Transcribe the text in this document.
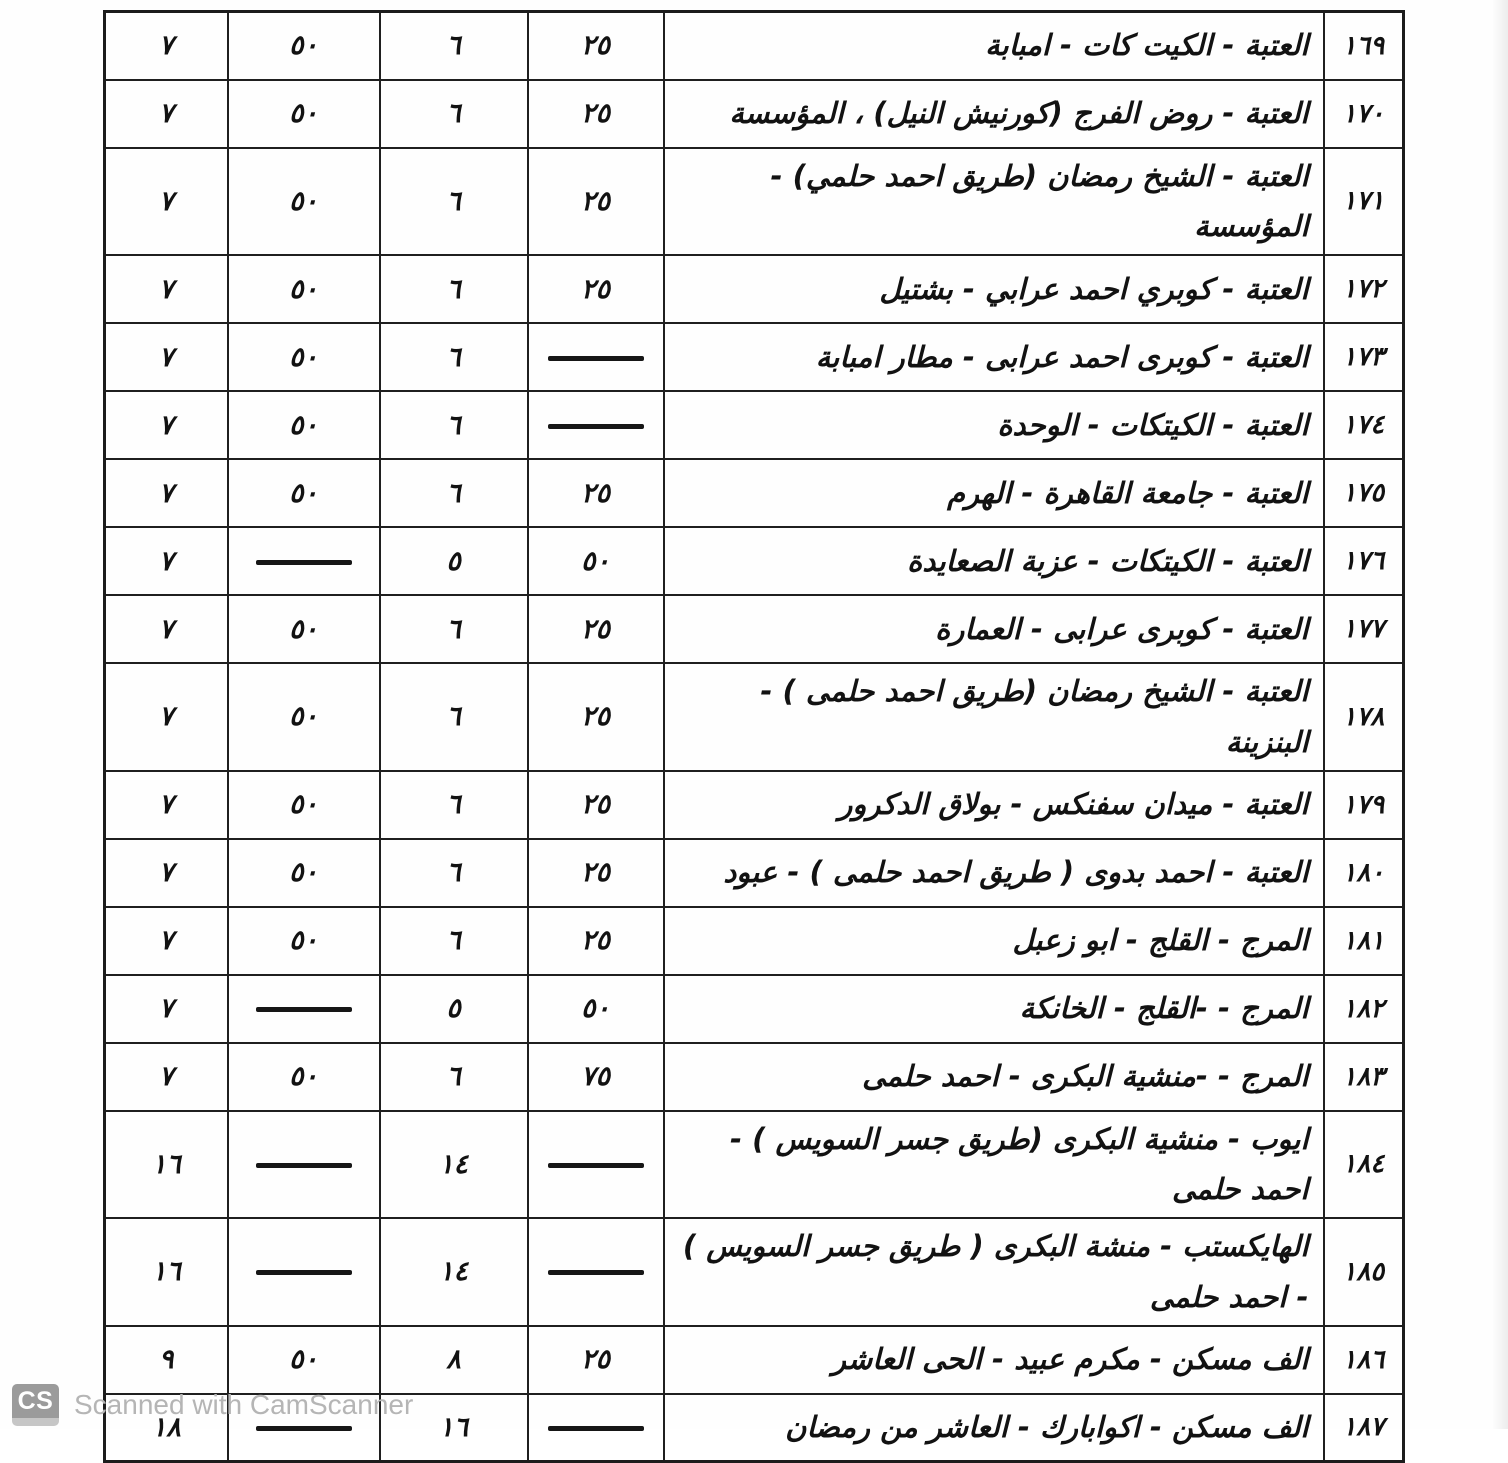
١٦٩	العتبة - الكيت كات - امبابة	٢٥	٦	٥٠	٧
١٧٠	العتبة - روض الفرج (كورنيش النيل) ، المؤسسة	٢٥	٦	٥٠	٧
١٧١	العتبة - الشيخ رمضان (طريق احمد حلمي) - المؤسسة	٢٥	٦	٥٠	٧
١٧٢	العتبة - كوبري احمد عرابي - بشتيل	٢٥	٦	٥٠	٧
١٧٣	العتبة - كوبرى احمد عرابى - مطار امبابة		٦	٥٠	٧
١٧٤	العتبة - الكيتكات - الوحدة		٦	٥٠	٧
١٧٥	العتبة - جامعة القاهرة - الهرم	٢٥	٦	٥٠	٧
١٧٦	العتبة - الكيتكات - عزبة الصعايدة	٥٠	٥		٧
١٧٧	العتبة - كوبرى عرابى - العمارة	٢٥	٦	٥٠	٧
١٧٨	العتبة - الشيخ رمضان (طريق احمد حلمى ) - البنزينة	٢٥	٦	٥٠	٧
١٧٩	العتبة - ميدان سفنكس - بولاق الدكرور	٢٥	٦	٥٠	٧
١٨٠	العتبة - احمد بدوى ( طريق احمد حلمى ) - عبود	٢٥	٦	٥٠	٧
١٨١	المرج - القلج - ابو زعبل	٢٥	٦	٥٠	٧
١٨٢	المرج - -القلج - الخانكة	٥٠	٥		٧
١٨٣	المرج - -منشية البكرى - احمد حلمى	٧٥	٦	٥٠	٧
١٨٤	ايوب - منشية البكرى (طريق جسر السويس ) - احمد حلمى		١٤		١٦
١٨٥	الهايكستب - منشة البكرى ( طريق جسر السويس ) - احمد حلمى		١٤		١٦
١٨٦	الف مسكن - مكرم عبيد - الحى العاشر	٢٥	٨	٥٠	٩
١٨٧	الف مسكن - اكوابارك - العاشر من رمضان		١٦		١٨
CS Scanned with CamScanner
